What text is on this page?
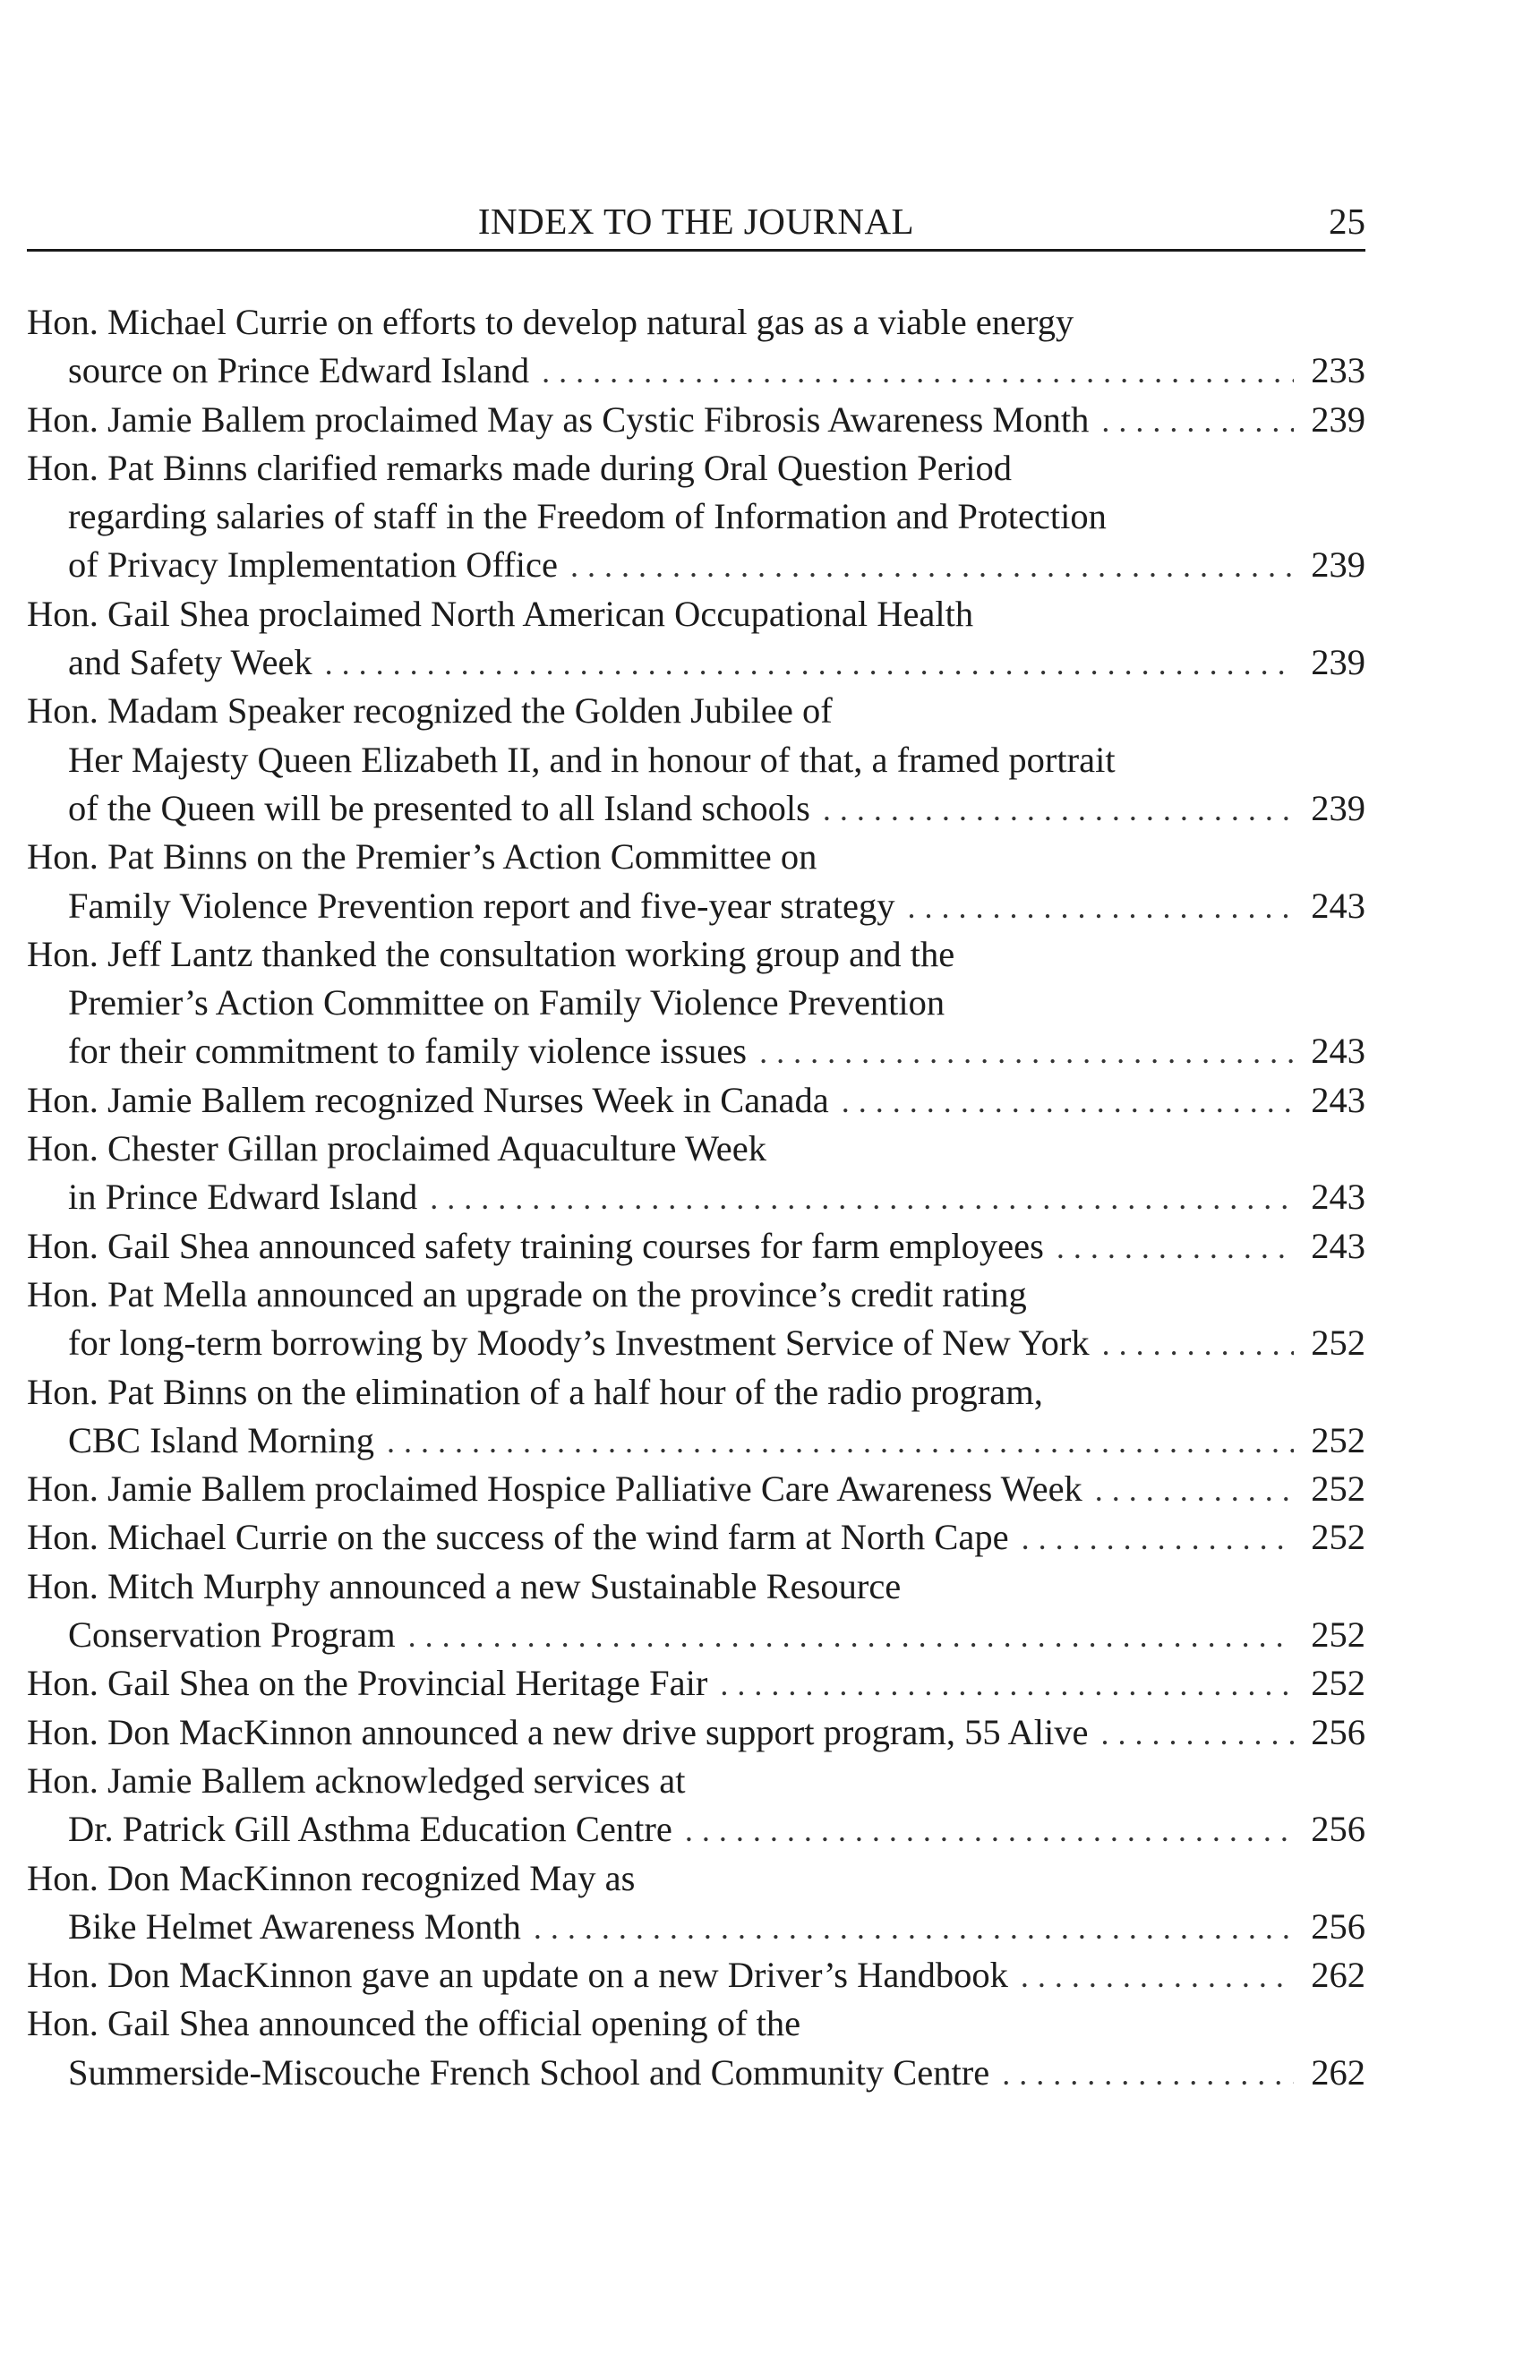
INDEX TO THE JOURNAL	25
Hon. Michael Currie on efforts to develop natural gas as a viable energy
source on Prince Edward Island .....	233
Hon. Jamie Ballem proclaimed May as Cystic Fibrosis Awareness Month .....	239
Hon. Pat Binns clarified remarks made during Oral Question Period
regarding salaries of staff in the Freedom of Information and Protection
of Privacy Implementation Office .....	239
Hon. Gail Shea proclaimed North American Occupational Health
and Safety Week .....	239
Hon. Madam Speaker recognized the Golden Jubilee of
Her Majesty Queen Elizabeth II, and in honour of that, a framed portrait
of the Queen will be presented to all Island schools .....	239
Hon. Pat Binns on the Premier’s Action Committee on
Family Violence Prevention report and five-year strategy .....	243
Hon. Jeff Lantz thanked the consultation working group and the
Premier’s Action Committee on Family Violence Prevention
for their commitment to family violence issues .....	243
Hon. Jamie Ballem recognized Nurses Week in Canada .....	243
Hon. Chester Gillan proclaimed Aquaculture Week
in Prince Edward Island .....	243
Hon. Gail Shea announced safety training courses for farm employees .....	243
Hon. Pat Mella announced an upgrade on the province’s credit rating
for long-term borrowing by Moody’s Investment Service of New York .....	252
Hon. Pat Binns on the elimination of a half hour of the radio program,
CBC Island Morning .....	252
Hon. Jamie Ballem proclaimed Hospice Palliative Care Awareness Week .....	252
Hon. Michael Currie on the success of the wind farm at North Cape .....	252
Hon. Mitch Murphy announced a new Sustainable Resource
Conservation Program .....	252
Hon. Gail Shea on the Provincial Heritage Fair .....	252
Hon. Don MacKinnon announced a new drive support program, 55 Alive .....	256
Hon. Jamie Ballem acknowledged services at
Dr. Patrick Gill Asthma Education Centre .....	256
Hon. Don MacKinnon recognized May as
Bike Helmet Awareness Month .....	256
Hon. Don MacKinnon gave an update on a new Driver’s Handbook .....	262
Hon. Gail Shea announced the official opening of the
Summerside-Miscouche French School and Community Centre .....	262
